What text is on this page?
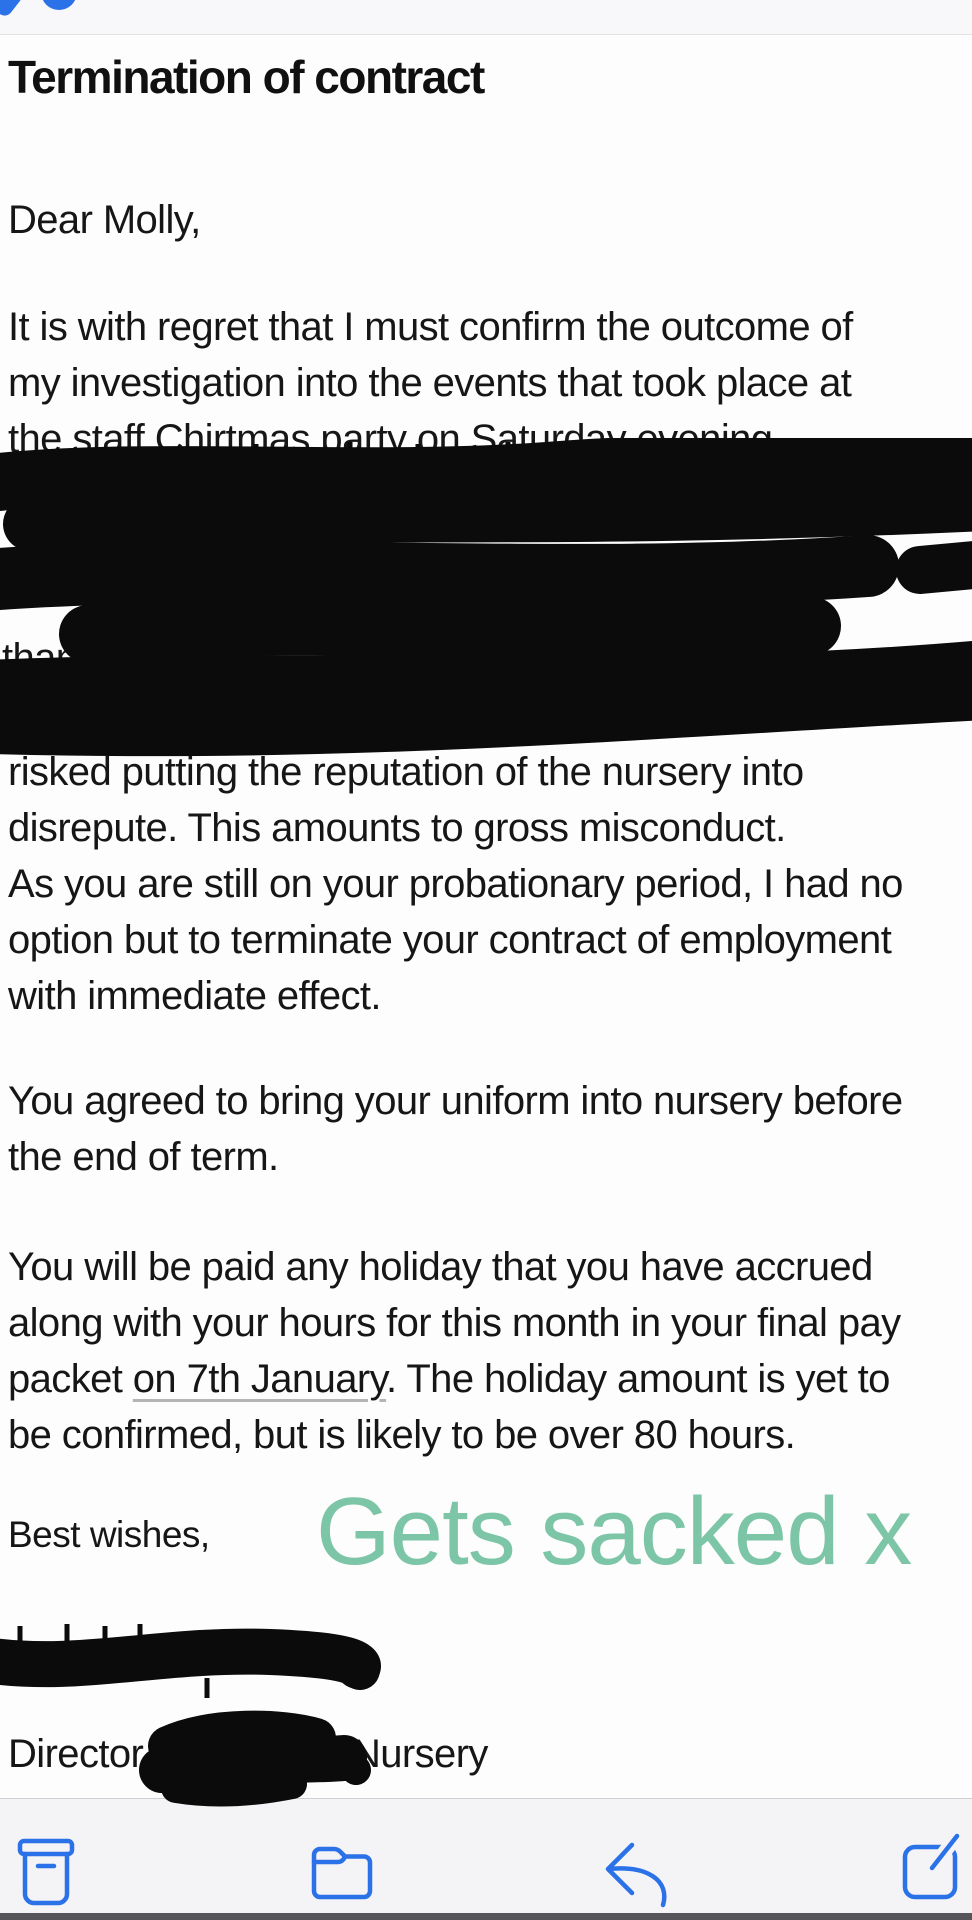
Termination of contract
Dear Molly,
It is with regret that I must confirm the outcome of
my investigation into the events that took place at
the staff Chirtmas party on Saturday evening.
risked putting the reputation of the nursery into
disrepute. This amounts to gross misconduct.
As you are still on your probationary period, I had no
option but to terminate your contract of employment
with immediate effect.
You agreed to bring your uniform into nursery before
the end of term.
You will be paid any holiday that you have accrued
along with your hours for this month in your final pay
packet on 7th January. The holiday amount is yet to
be confirmed, but is likely to be over 80 hours.
than
activity
Best wishes, Gets sacked x
Director,	Nursery
